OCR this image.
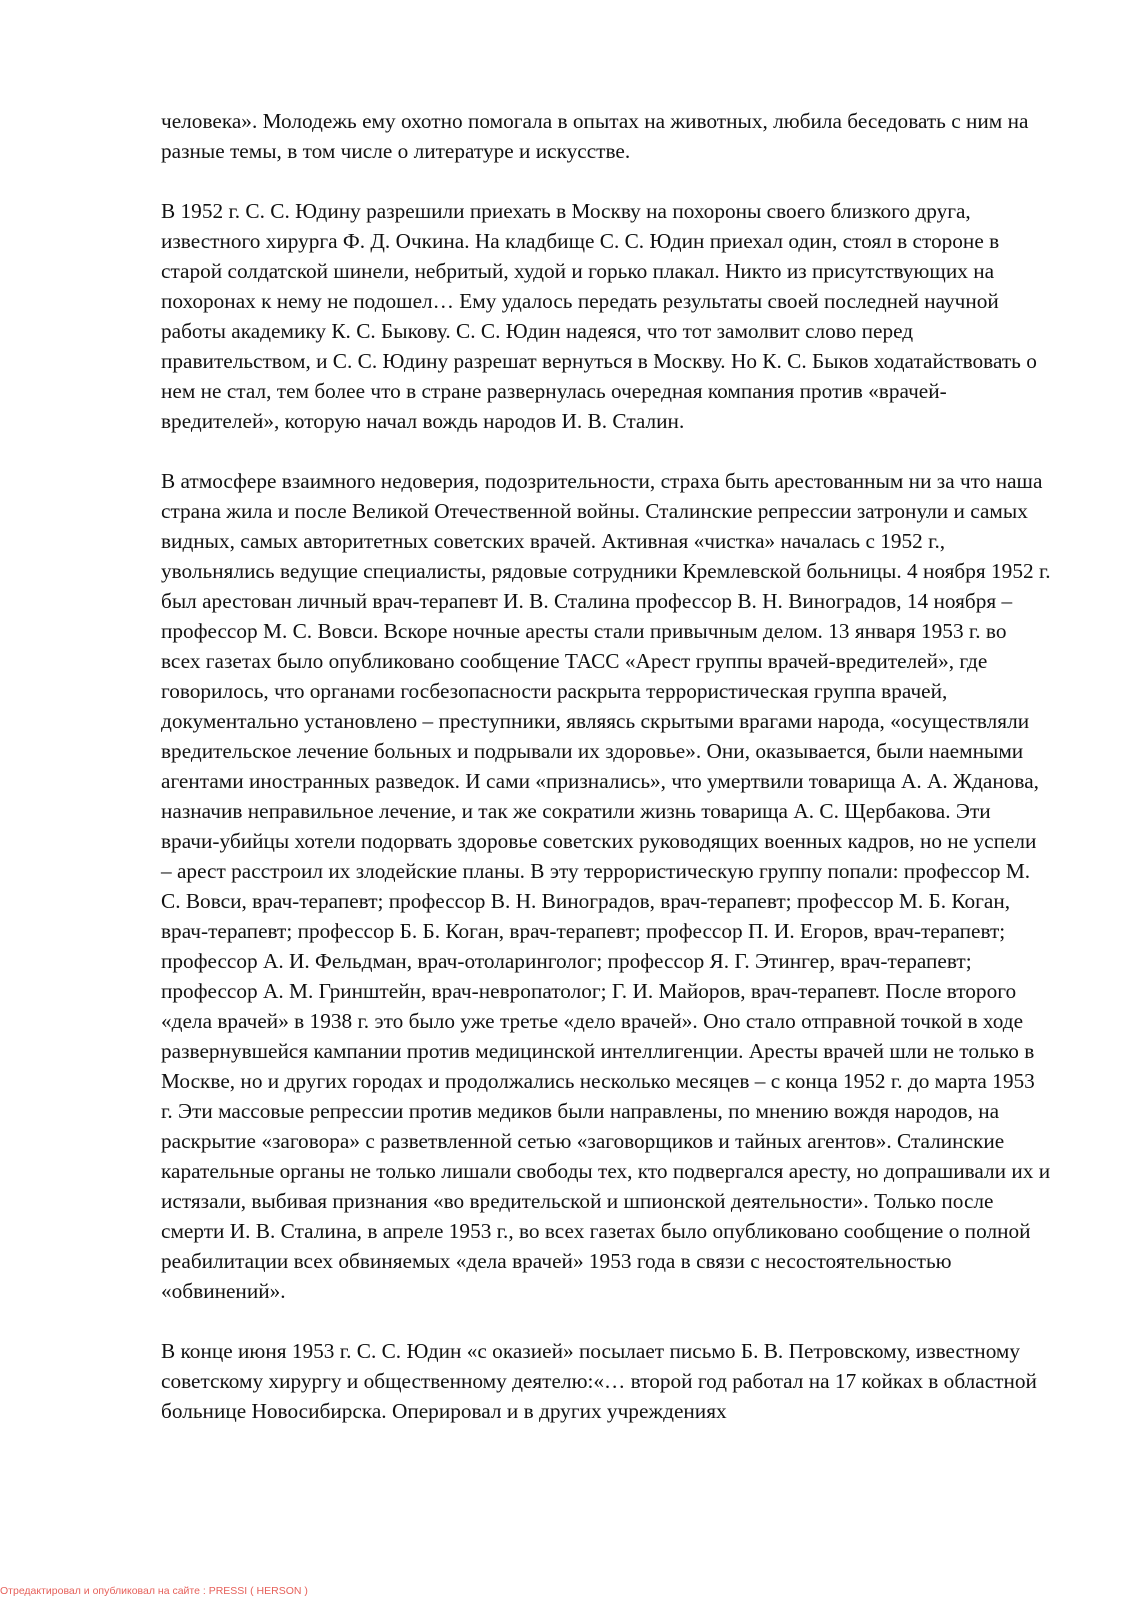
человека». Молодежь ему охотно помогала в опытах на животных, любила беседовать с ним на разные темы, в том числе о литературе и искусстве.

В 1952 г. С. С. Юдину разрешили приехать в Москву на похороны своего близкого друга, известного хирурга Ф. Д. Очкина. На кладбище С. С. Юдин приехал один, стоял в стороне в старой солдатской шинели, небритый, худой и горько плакал. Никто из присутствующих на похоронах к нему не подошел… Ему удалось передать результаты своей последней научной работы академику К. С. Быкову. С. С. Юдин надеяся, что тот замолвит слово перед правительством, и С. С. Юдину разрешат вернуться в Москву. Но К. С. Быков ходатайствовать о нем не стал, тем более что в стране развернулась очередная компания против «врачей-вредителей», которую начал вождь народов И. В. Сталин.

В атмосфере взаимного недоверия, подозрительности, страха быть арестованным ни за что наша страна жила и после Великой Отечественной войны. Сталинские репрессии затронули и самых видных, самых авторитетных советских врачей. Активная «чистка» началась с 1952 г., увольнялись ведущие специалисты, рядовые сотрудники Кремлевской больницы. 4 ноября 1952 г. был арестован личный врач-терапевт И. В. Сталина профессор В. Н. Виноградов, 14 ноября – профессор М. С. Вовси. Вскоре ночные аресты стали привычным делом. 13 января 1953 г. во всех газетах было опубликовано сообщение ТАСС «Арест группы врачей-вредителей», где говорилось, что органами госбезопасности раскрыта террористическая группа врачей, документально установлено – преступники, являясь скрытыми врагами народа, «осуществляли вредительское лечение больных и подрывали их здоровье». Они, оказывается, были наемными агентами иностранных разведок. И сами «признались», что умертвили товарища А. А. Жданова, назначив неправильное лечение, и так же сократили жизнь товарища А. С. Щербакова. Эти врачи-убийцы хотели подорвать здоровье советских руководящих военных кадров, но не успели – арест расстроил их злодейские планы. В эту террористическую группу попали: профессор М. С. Вовси, врач-терапевт; профессор В. Н. Виноградов, врач-терапевт; профессор М. Б. Коган, врач-терапевт; профессор Б. Б. Коган, врач-терапевт; профессор П. И. Егоров, врач-терапевт; профессор А. И. Фельдман, врач-отоларинголог; профессор Я. Г. Этингер, врач-терапевт; профессор А. М. Гринштейн, врач-невропатолог; Г. И. Майоров, врач-терапевт. После второго «дела врачей» в 1938 г. это было уже третье «дело врачей». Оно стало отправной точкой в ходе развернувшейся кампании против медицинской интеллигенции. Аресты врачей шли не только в Москве, но и других городах и продолжались несколько месяцев – с конца 1952 г. до марта 1953 г. Эти массовые репрессии против медиков были направлены, по мнению вождя народов, на раскрытие «заговора» с разветвленной сетью «заговорщиков и тайных агентов». Сталинские карательные органы не только лишали свободы тех, кто подвергался аресту, но допрашивали их и истязали, выбивая признания «во вредительской и шпионской деятельности». Только после смерти И. В. Сталина, в апреле 1953 г., во всех газетах было опубликовано сообщение о полной реабилитации всех обвиняемых «дела врачей» 1953 года в связи с несостоятельностью «обвинений».

В конце июня 1953 г. С. С. Юдин «с оказией» посылает письмо Б. В. Петровскому, известному советскому хирургу и общественному деятелю:«… второй год работал на 17 койках в областной больнице Новосибирска. Оперировал и в других учреждениях

Отредактировал и опубликовал на сайте : PRESSI ( HERSON )
